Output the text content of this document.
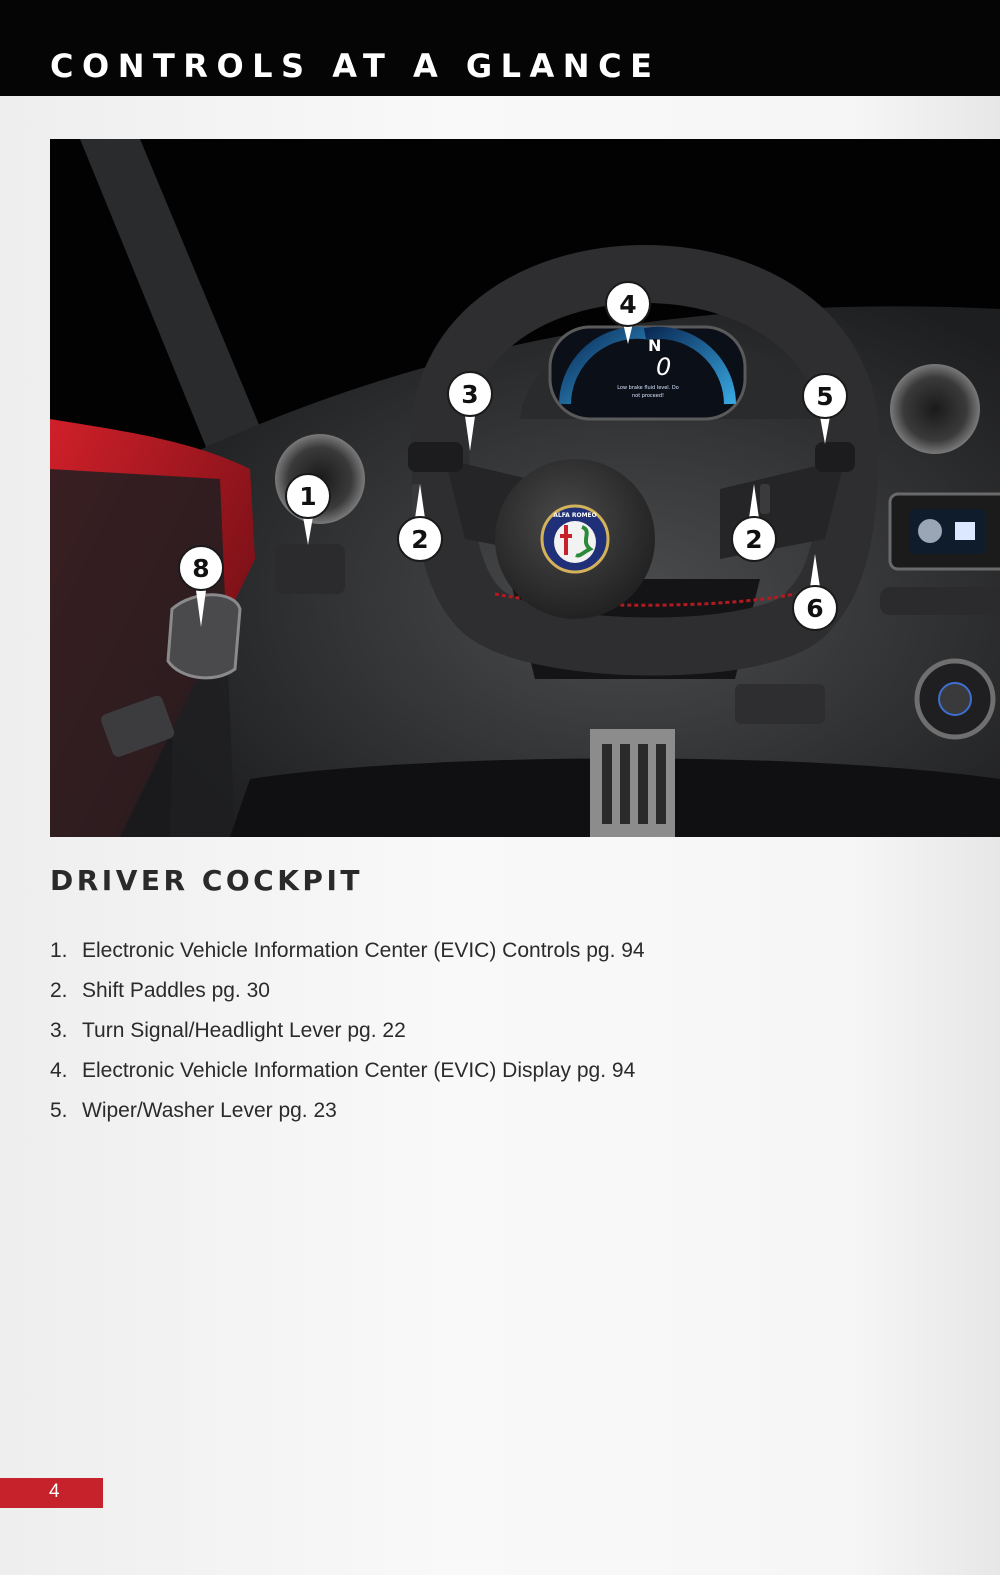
CONTROLS AT A GLANCE
N
0
Low brake fluid level. Do
not proceed!
ALFA ROMEO
1
2	2
3
4
5
6
8
DRIVER COCKPIT
1. Electronic Vehicle Information Center (EVIC) Controls pg. 94
2. Shift Paddles pg. 30
3. Turn Signal/Headlight Lever pg. 22
4. Electronic Vehicle Information Center (EVIC) Display pg. 94
5. Wiper/Washer Lever pg. 23
4
